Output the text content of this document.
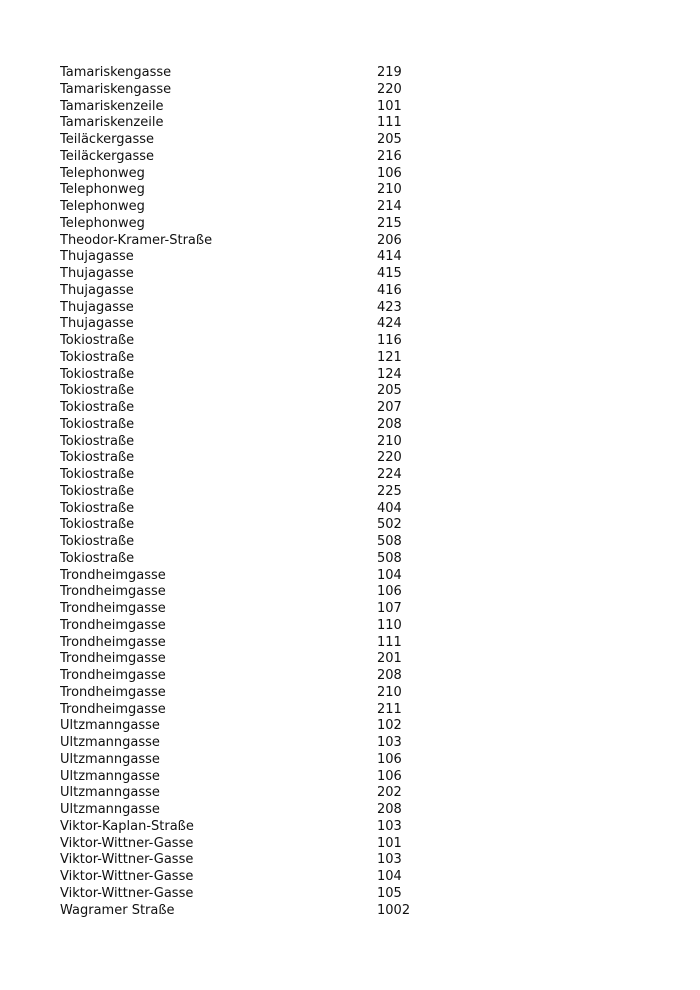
Tamariskengasse	219
Tamariskengasse	220
Tamariskenzeile	101
Tamariskenzeile	111
Teiläckergasse	205
Teiläckergasse	216
Telephonweg	106
Telephonweg	210
Telephonweg	214
Telephonweg	215
Theodor-Kramer-Straße	206
Thujagasse	414
Thujagasse	415
Thujagasse	416
Thujagasse	423
Thujagasse	424
Tokiostraße	116
Tokiostraße	121
Tokiostraße	124
Tokiostraße	205
Tokiostraße	207
Tokiostraße	208
Tokiostraße	210
Tokiostraße	220
Tokiostraße	224
Tokiostraße	225
Tokiostraße	404
Tokiostraße	502
Tokiostraße	508
Tokiostraße	508
Trondheimgasse	104
Trondheimgasse	106
Trondheimgasse	107
Trondheimgasse	110
Trondheimgasse	111
Trondheimgasse	201
Trondheimgasse	208
Trondheimgasse	210
Trondheimgasse	211
Ultzmanngasse	102
Ultzmanngasse	103
Ultzmanngasse	106
Ultzmanngasse	106
Ultzmanngasse	202
Ultzmanngasse	208
Viktor-Kaplan-Straße	103
Viktor-Wittner-Gasse	101
Viktor-Wittner-Gasse	103
Viktor-Wittner-Gasse	104
Viktor-Wittner-Gasse	105
Wagramer Straße	1002
